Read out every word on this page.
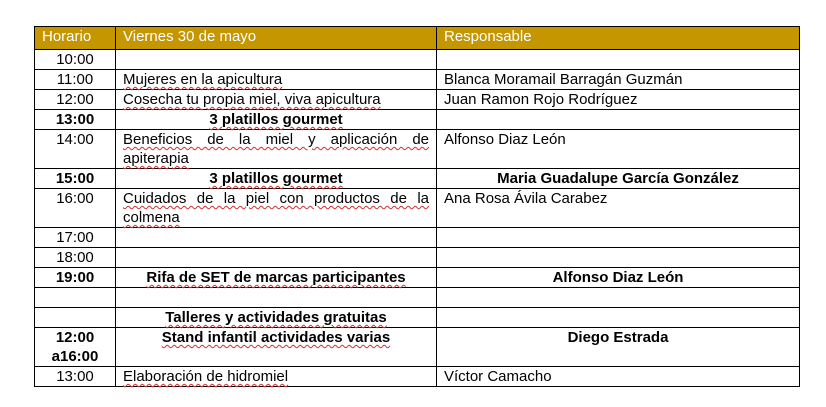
Horario	Viernes 30 de mayo	Responsable
10:00		
11:00	Mujeres en la apicultura	Blanca Moramail Barragán Guzmán
12:00	Cosecha tu propia miel, viva apicultura	Juan Ramon Rojo Rodríguez
13:00	3 platillos gourmet	
14:00	Beneficios de la miel y aplicación de apiterapia	Alfonso Diaz León
15:00	3 platillos gourmet	Maria Guadalupe García González
16:00	Cuidados de la piel con productos de la colmena	Ana Rosa Ávila Carabez
17:00		
18:00		
19:00	Rifa de SET de marcas participantes	Alfonso Diaz León

	Talleres y actividades gratuitas	
12:00 a16:00	Stand infantil actividades varias	Diego Estrada
13:00	Elaboración de hidromiel	Víctor Camacho
